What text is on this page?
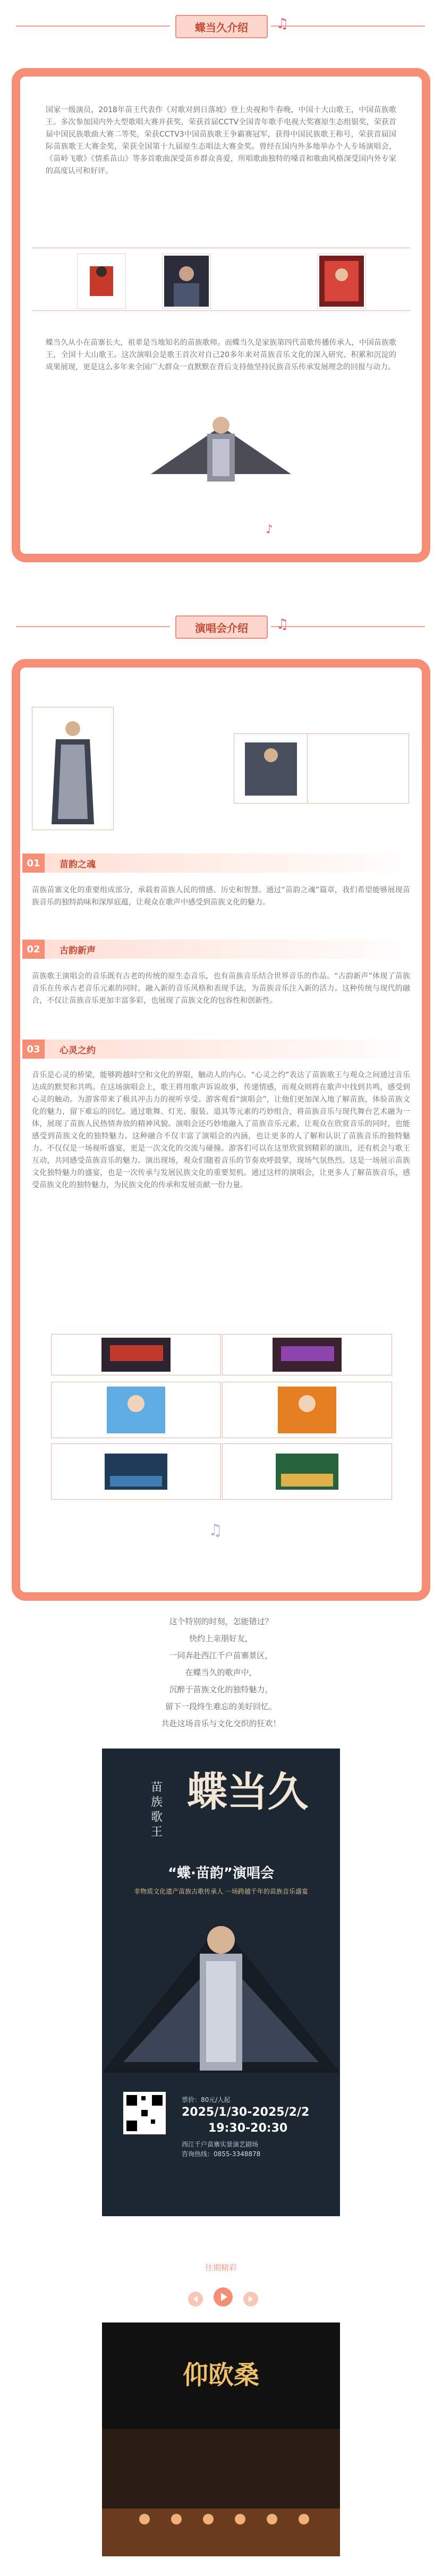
蝶当久介绍 ♫
国家一级演员，2018年苗王代表作《对歌对到日落坡》登上央视和牛春晚，中国十大山歌王，中国苗族歌王。多次参加国内外大型歌唱大赛并获奖，荣获首届CCTV全国青年歌手电视大奖赛原生态组银奖，荣获首届中国民族歌曲大赛二等奖，荣获CCTV3中国苗族歌王争霸赛冠军，获得中国民族歌王称号，荣获首届国际苗族歌王大赛金奖，荣获全国第十九届原生态唱法大赛金奖。曾经在国内外多地举办个人专场演唱会，《苗岭飞歌》《情系苗山》等多首歌曲深受苗乡群众喜爱，所唱歌曲独特的嗓音和歌曲风格深受国内外专家的高度认可和好评。
蝶当久从小在苗寨长大，祖辈是当地知名的苗族歌师。而蝶当久是家族第四代苗歌传播传承人，中国苗族歌王，全国十大山歌王。这次演唱会是歌王首次对自己20多年来对苗族音乐文化的深入研究、积累和沉淀的成果展现，更是这么多年来全国广大群众一直默默在背后支持他坚持民族音乐传承发展理念的回报与动力。
♪
演唱会介绍 ♫
01	苗韵之魂
苗族苗寨文化的重要组成部分，承载着苗族人民的情感、历史和智慧。通过“苗韵之魂”篇章，我们希望能够展现苗族音乐的独特韵味和深厚底蕴，让观众在歌声中感受到苗族文化的魅力。
02	古韵新声
苗族歌王演唱会的音乐既有古老的传统的原生态音乐，也有苗族音乐结合世界音乐的作品。“古韵新声”体现了苗族音乐在传承古老音乐元素的同时，融入新的音乐风格和表现手法，为苗族音乐注入新的活力。这种传统与现代的融合，不仅让苗族音乐更加丰富多彩，也展现了苗族文化的包容性和创新性。
03	心灵之约
音乐是心灵的桥梁，能够跨越时空和文化的界限，触动人的内心。“心灵之约”表达了苗族歌王与观众之间通过音乐达成的默契和共鸣。在这场演唱会上，歌王将用歌声诉说故事，传递情感，而观众则将在歌声中找到共鸣，感受到心灵的触动。为游客带来了极具冲击力的视听享受。游客观看“演唱会”，让他们更加深入地了解苗族，体验苗族文化的魅力，留下难忘的回忆。通过歌舞、灯光、服装、道具等元素的巧妙组合，将苗族音乐与现代舞台艺术融为一体，展现了苗族人民热情奔放的精神风貌。演唱会还巧妙地融入了苗族音乐元素，让观众在欣赏音乐的同时，也能感受到苗族文化的独特魅力。这种融合不仅丰富了演唱会的内涵，也让更多的人了解和认识了苗族音乐的独特魅力。不仅仅是一场视听盛宴，更是一次文化的交流与碰撞。游客们可以在这里欣赏到精彩的演出，还有机会与歌王互动，共同感受苗族音乐的魅力。演出现场，观众们随着音乐的节奏欢呼鼓掌，现场气氛热烈。这是一场展示苗族文化独特魅力的盛宴，也是一次传承与发展民族文化的重要契机。通过这样的演唱会，让更多人了解苗族音乐，感受苗族文化的独特魅力，为民族文化的传承和发展贡献一份力量。
♫
这个特别的时刻，怎能错过？
快约上亲朋好友，
一同奔赴西江千户苗寨景区，
在蝶当久的歌声中，
沉醉于苗族文化的独特魅力，
留下一段终生难忘的美好回忆。
共赴这场音乐与文化交织的狂欢！
苗族歌王
蝶当久
“蝶·苗韵”演唱会
非物质文化遗产苗族古歌传承人 一场跨越千年的苗族音乐盛宴
票价：80元/人起
2025/1/30-2025/2/2
19:30-20:30
西江千户苗寨实景演艺剧场
咨询热线：0855-3348878
往期精彩
仰欧桑
